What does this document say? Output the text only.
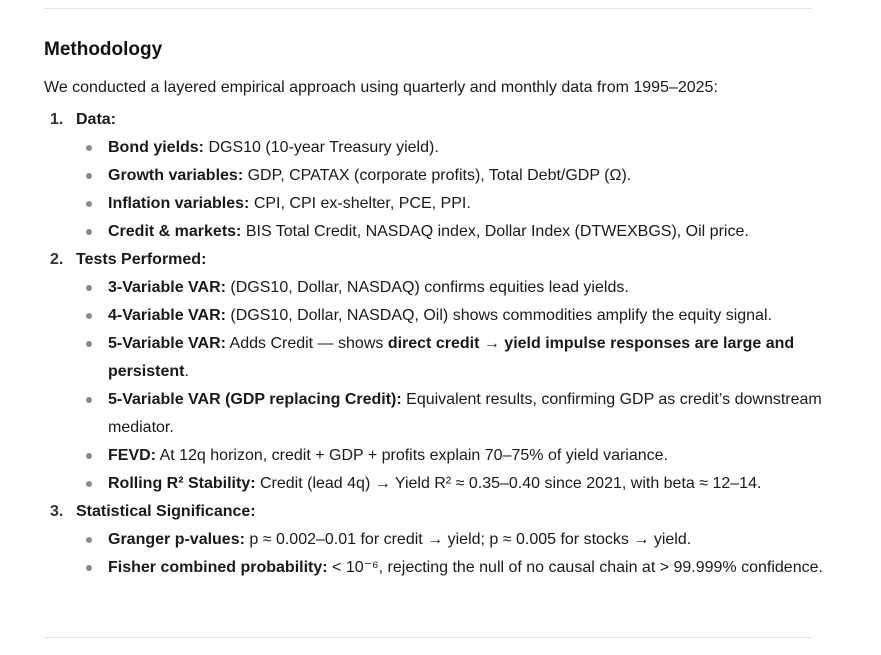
Methodology

We conducted a layered empirical approach using quarterly and monthly data from 1995–2025:

1. Data:
Bond yields: DGS10 (10-year Treasury yield).
Growth variables: GDP, CPATAX (corporate profits), Total Debt/GDP (Ω).
Inflation variables: CPI, CPI ex-shelter, PCE, PPI.
Credit & markets: BIS Total Credit, NASDAQ index, Dollar Index (DTWEXBGS), Oil price.
2. Tests Performed:
3-Variable VAR: (DGS10, Dollar, NASDAQ) confirms equities lead yields.
4-Variable VAR: (DGS10, Dollar, NASDAQ, Oil) shows commodities amplify the equity signal.
5-Variable VAR: Adds Credit — shows direct credit → yield impulse responses are large and persistent.
5-Variable VAR (GDP replacing Credit): Equivalent results, confirming GDP as credit’s downstream mediator.
FEVD: At 12q horizon, credit + GDP + profits explain 70–75% of yield variance.
Rolling R² Stability: Credit (lead 4q) → Yield R² ≈ 0.35–0.40 since 2021, with beta ≈ 12–14.
3. Statistical Significance:
Granger p-values: p ≈ 0.002–0.01 for credit → yield; p ≈ 0.005 for stocks → yield.
Fisher combined probability: < 10⁻⁶, rejecting the null of no causal chain at > 99.999% confidence.
